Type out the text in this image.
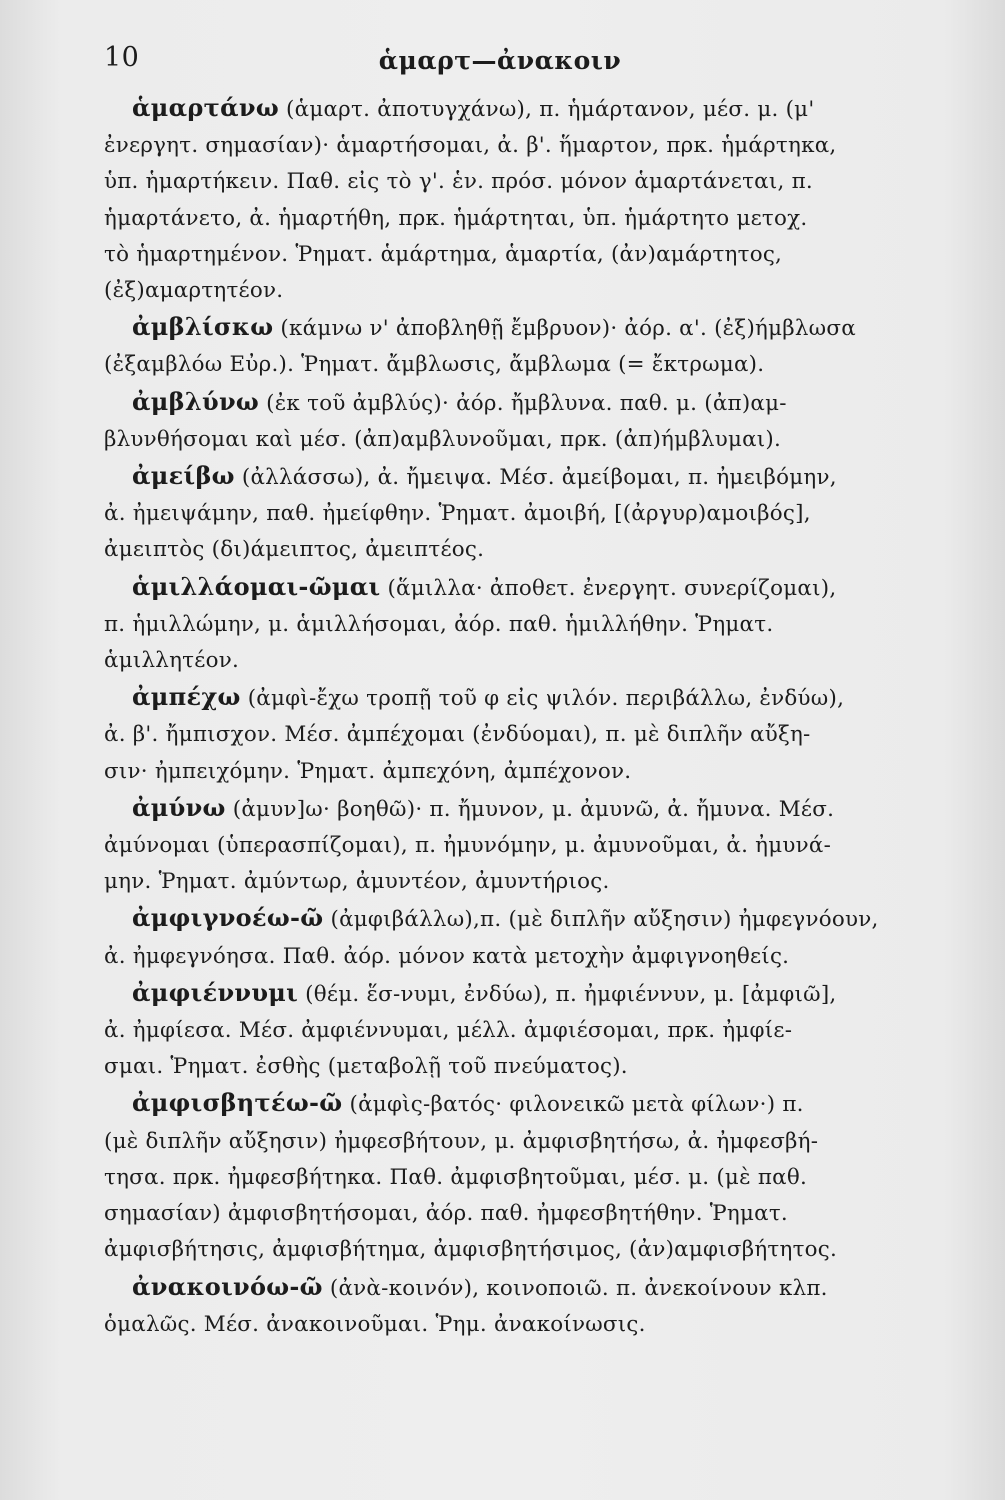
10	ἁμαρτ—ἀνακοιν

ἁμαρτάνω (ἁμαρτ. ἀποτυγχάνω), π. ἡμάρτανον, μέσ. μ. (μ'
ἐνεργητ. σημασίαν)· ἁμαρτήσομαι, ἀ. β'. ἥμαρτον, πρκ. ἡμάρτηκα,
ὑπ. ἡμαρτήκειν. Παθ. εἰς τὸ γ'. ἑν. πρόσ. μόνον ἁμαρτάνεται, π.
ἡμαρτάνετο, ἀ. ἡμαρτήθη, πρκ. ἡμάρτηται, ὑπ. ἡμάρτητο μετοχ.
τὸ ἡμαρτημένον. Ῥηματ. ἁμάρτημα, ἁμαρτία, (ἀν)αμάρτητος,
(ἐξ)αμαρτητέον.

ἀμβλίσκω (κάμνω ν' ἀποβληθῇ ἔμβρυον)· ἀόρ. α'. (ἐξ)ήμβλωσα
(ἐξαμβλόω Εὐρ.). Ῥηματ. ἄμβλωσις, ἄμβλωμα (= ἔκτρωμα).

ἀμβλύνω (ἐκ τοῦ ἀμβλύς)· ἀόρ. ἤμβλυνα. παθ. μ. (ἀπ)αμ-
βλυνθήσομαι καὶ μέσ. (ἀπ)αμβλυνοῦμαι, πρκ. (ἀπ)ήμβλυμαι).

ἀμείβω (ἀλλάσσω), ἀ. ἤμειψα. Μέσ. ἀμείβομαι, π. ἠμειβόμην,
ἀ. ἠμειψάμην, παθ. ἠμείφθην. Ῥηματ. ἀμοιβή, [(ἀργυρ)αμοιβός],
ἀμειπτὸς (δι)άμειπτος, ἀμειπτέος.

ἁμιλλάομαι-ῶμαι (ἅμιλλα· ἀποθετ. ἐνεργητ. συνερίζομαι),
π. ἡμιλλώμην, μ. ἁμιλλήσομαι, ἀόρ. παθ. ἡμιλλήθην. Ῥηματ.
ἁμιλλητέον.

ἀμπέχω (ἀμφὶ-ἔχω τροπῇ τοῦ φ εἰς ψιλόν. περιβάλλω, ἐνδύω),
ἀ. β'. ἤμπισχον. Μέσ. ἀμπέχομαι (ἐνδύομαι), π. μὲ διπλῆν αὔξη-
σιν· ἠμπειχόμην. Ῥηματ. ἀμπεχόνη, ἀμπέχονον.

ἀμύνω (ἀμυν]ω· βοηθῶ)· π. ἤμυνον, μ. ἀμυνῶ, ἀ. ἤμυνα. Μέσ.
ἀμύνομαι (ὑπερασπίζομαι), π. ἠμυνόμην, μ. ἀμυνοῦμαι, ἀ. ἠμυνά-
μην. Ῥηματ. ἀμύντωρ, ἀμυντέον, ἀμυντήριος.

ἀμφιγνοέω-ῶ (ἀμφιβάλλω),π. (μὲ διπλῆν αὔξησιν) ἠμφεγνόουν,
ἀ. ἠμφεγνόησα. Παθ. ἀόρ. μόνον κατὰ μετοχὴν ἀμφιγνοηθείς.

ἀμφιέννυμι (θέμ. ἕσ-νυμι, ἐνδύω), π. ἠμφιέννυν, μ. [ἀμφιῶ],
ἀ. ἠμφίεσα. Μέσ. ἀμφιέννυμαι, μέλλ. ἀμφιέσομαι, πρκ. ἠμφίε-
σμαι. Ῥηματ. ἐσθὴς (μεταβολῇ τοῦ πνεύματος).

ἀμφισβητέω-ῶ (ἀμφὶς-βατός· φιλονεικῶ μετὰ φίλων·) π.
(μὲ διπλῆν αὔξησιν) ἠμφεσβήτουν, μ. ἀμφισβητήσω, ἀ. ἠμφεσβή-
τησα. πρκ. ἠμφεσβήτηκα. Παθ. ἀμφισβητοῦμαι, μέσ. μ. (μὲ παθ.
σημασίαν) ἀμφισβητήσομαι, ἀόρ. παθ. ἠμφεσβητήθην. Ῥηματ.
ἀμφισβήτησις, ἀμφισβήτημα, ἀμφισβητήσιμος, (ἀν)αμφισβήτητος.

ἀνακοινόω-ῶ (ἀνὰ-κοινόν), κοινοποιῶ. π. ἀνεκοίνουν κλπ.
ὁμαλῶς. Μέσ. ἀνακοινοῦμαι. Ῥημ. ἀνακοίνωσις.
